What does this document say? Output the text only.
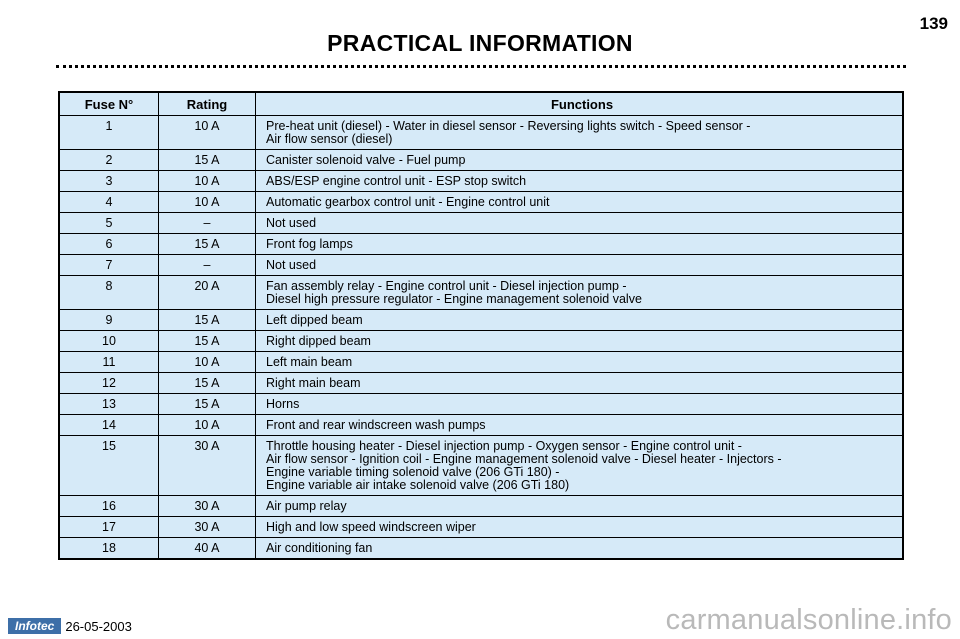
139
PRACTICAL INFORMATION
Fuse N°	Rating	Functions
1	10 A	Pre-heat unit (diesel) - Water in diesel sensor - Reversing lights switch - Speed sensor -
Air flow sensor (diesel)

2	15 A	Canister solenoid valve - Fuel pump

3	10 A	ABS/ESP engine control unit - ESP stop switch

4	10 A	Automatic gearbox control unit - Engine control unit

5	–	Not used

6	15 A	Front fog lamps

7	–	Not used

8	20 A	Fan assembly relay - Engine control unit - Diesel injection pump -
Diesel high pressure regulator - Engine management solenoid valve

9	15 A	Left dipped beam

10	15 A	Right dipped beam

11	10 A	Left main beam

12	15 A	Right main beam

13	15 A	Horns

14	10 A	Front and rear windscreen wash pumps

15	30 A	Throttle housing heater - Diesel injection pump - Oxygen sensor - Engine control unit -
Air flow sensor - Ignition coil - Engine management solenoid valve - Diesel heater - Injectors -
Engine variable timing solenoid valve (206 GTi 180) -
Engine variable air intake solenoid valve (206 GTi 180)

16	30 A	Air pump relay

17	30 A	High and low speed windscreen wiper

18	40 A	Air conditioning fan
Infotec 26-05-2003	carmanualsonline.info
